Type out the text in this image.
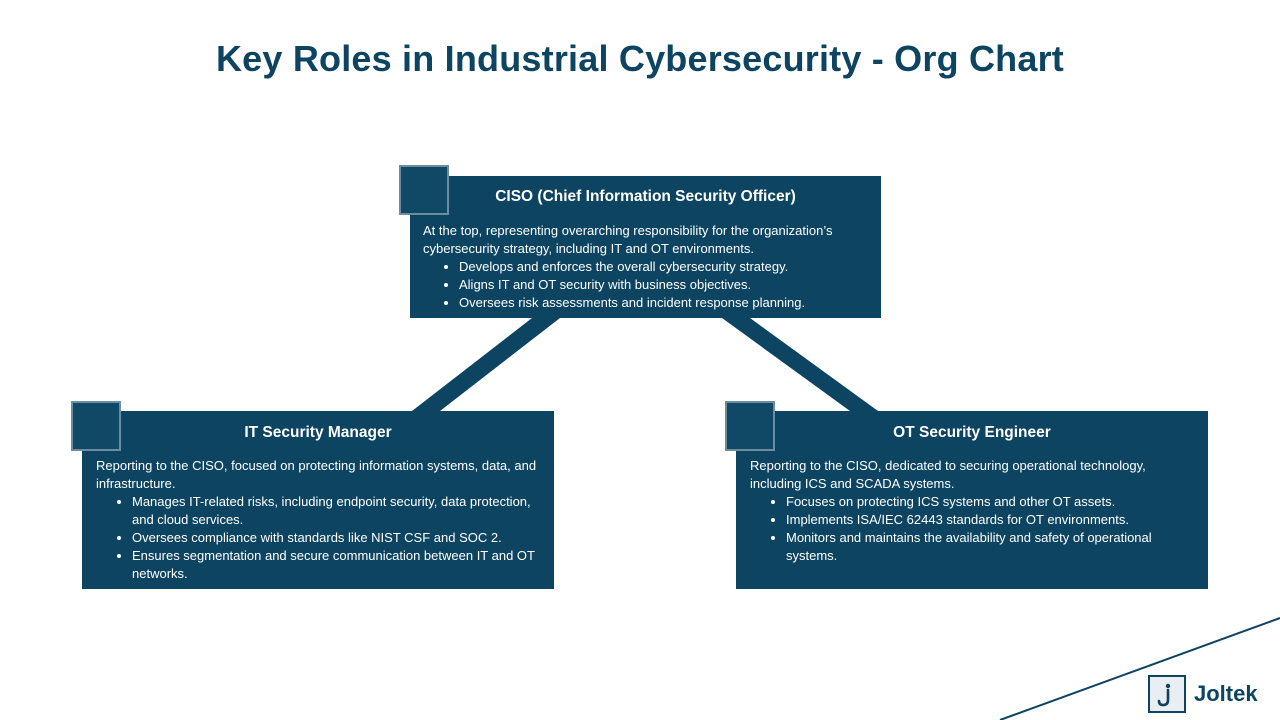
Key Roles in Industrial Cybersecurity - Org Chart
CISO (Chief Information Security Officer)

At the top, representing overarching responsibility for the organization’s cybersecurity strategy, including IT and OT environments.

• Develops and enforces the overall cybersecurity strategy.
• Aligns IT and OT security with business objectives.
• Oversees risk assessments and incident response planning.
IT Security Manager

Reporting to the CISO, focused on protecting information systems, data, and infrastructure.

• Manages IT-related risks, including endpoint security, data protection, and cloud services.
• Oversees compliance with standards like NIST CSF and SOC 2.
• Ensures segmentation and secure communication between IT and OT networks.
OT Security Engineer

Reporting to the CISO, dedicated to securing operational technology, including ICS and SCADA systems.

• Focuses on protecting ICS systems and other OT assets.
• Implements ISA/IEC 62443 standards for OT environments.
• Monitors and maintains the availability and safety of operational systems.
Joltek
